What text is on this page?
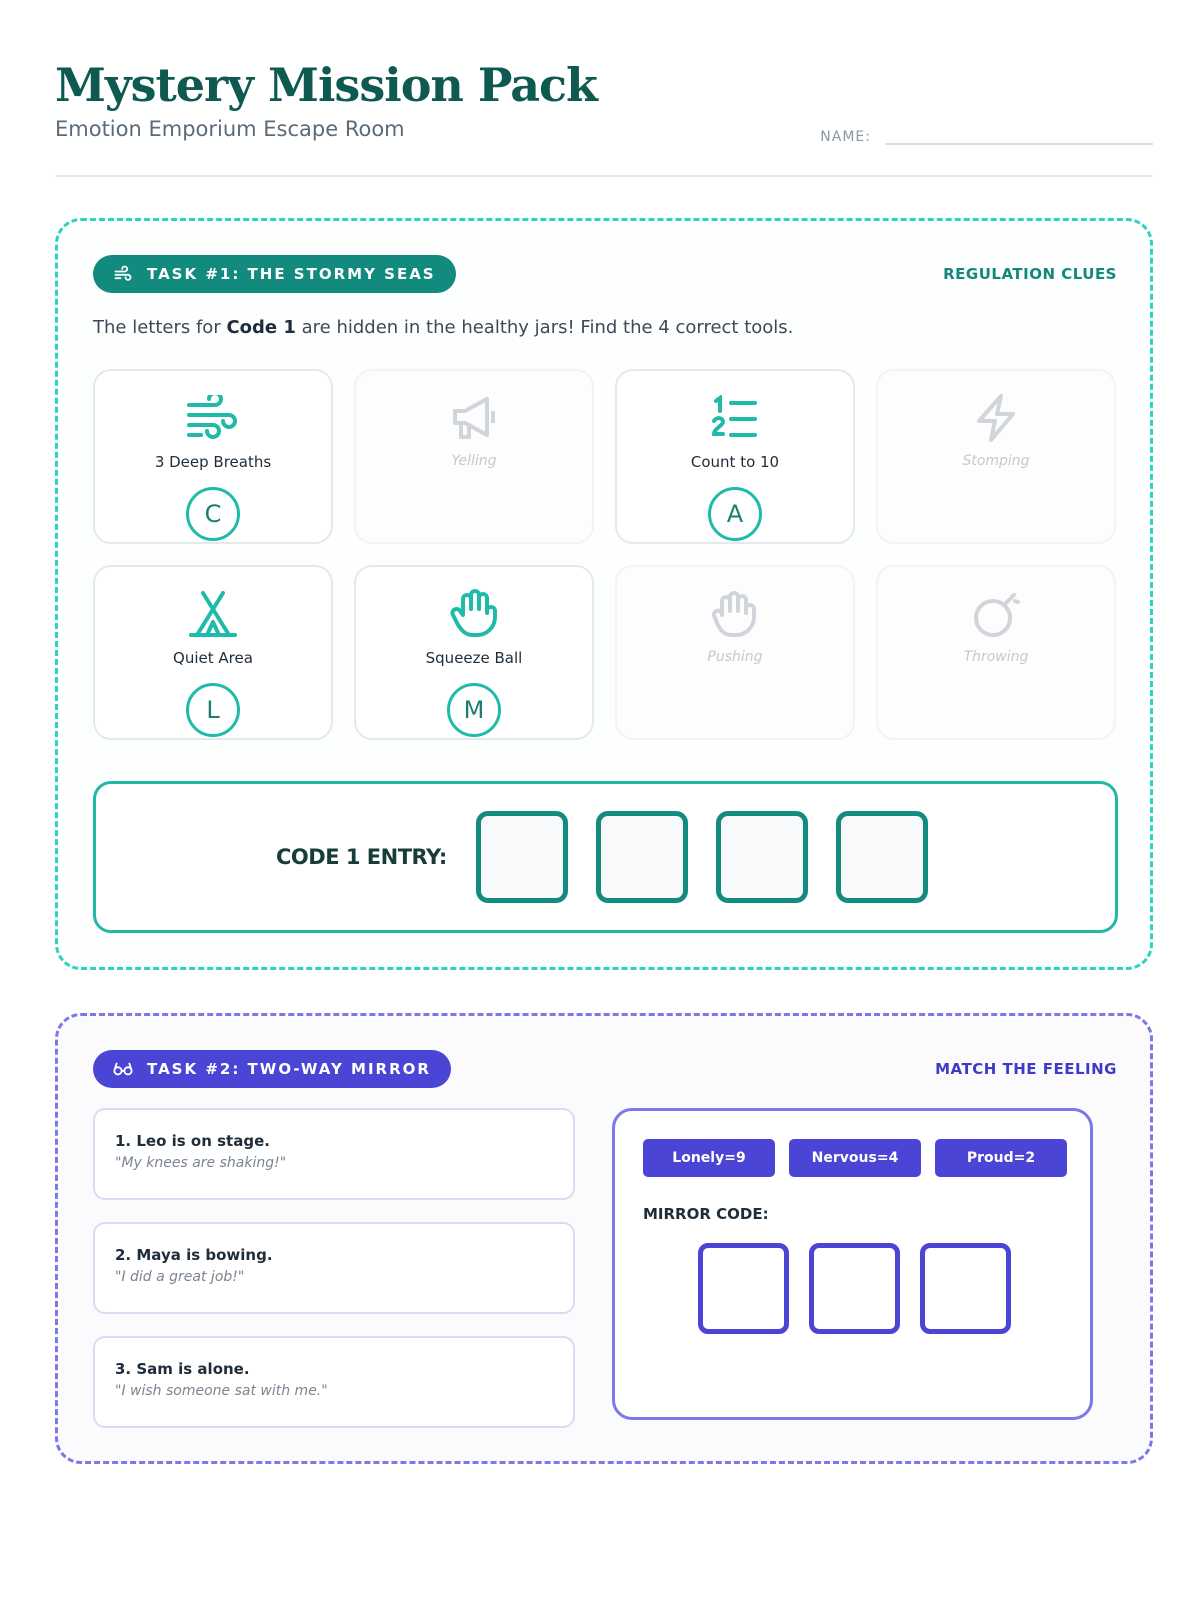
Mystery Mission Pack
Emotion Emporium Escape Room	NAME:
TASK #1: THE STORMY SEAS	REGULATION CLUES

The letters for Code 1 are hidden in the healthy jars! Find the 4 correct tools.

3 Deep Breaths
C
Yelling	Count to 10
A
Stomping
Quiet Area
L
Squeeze Ball
M
Pushing	Throwing
CODE 1 ENTRY:
TASK #2: TWO-WAY MIRROR	MATCH THE FEELING
1. Leo is on stage.
"My knees are shaking!"
2. Maya is bowing.
"I did a great job!"
3. Sam is alone.
"I wish someone sat with me."
Lonely=9	Nervous=4	Proud=2
MIRROR CODE:
